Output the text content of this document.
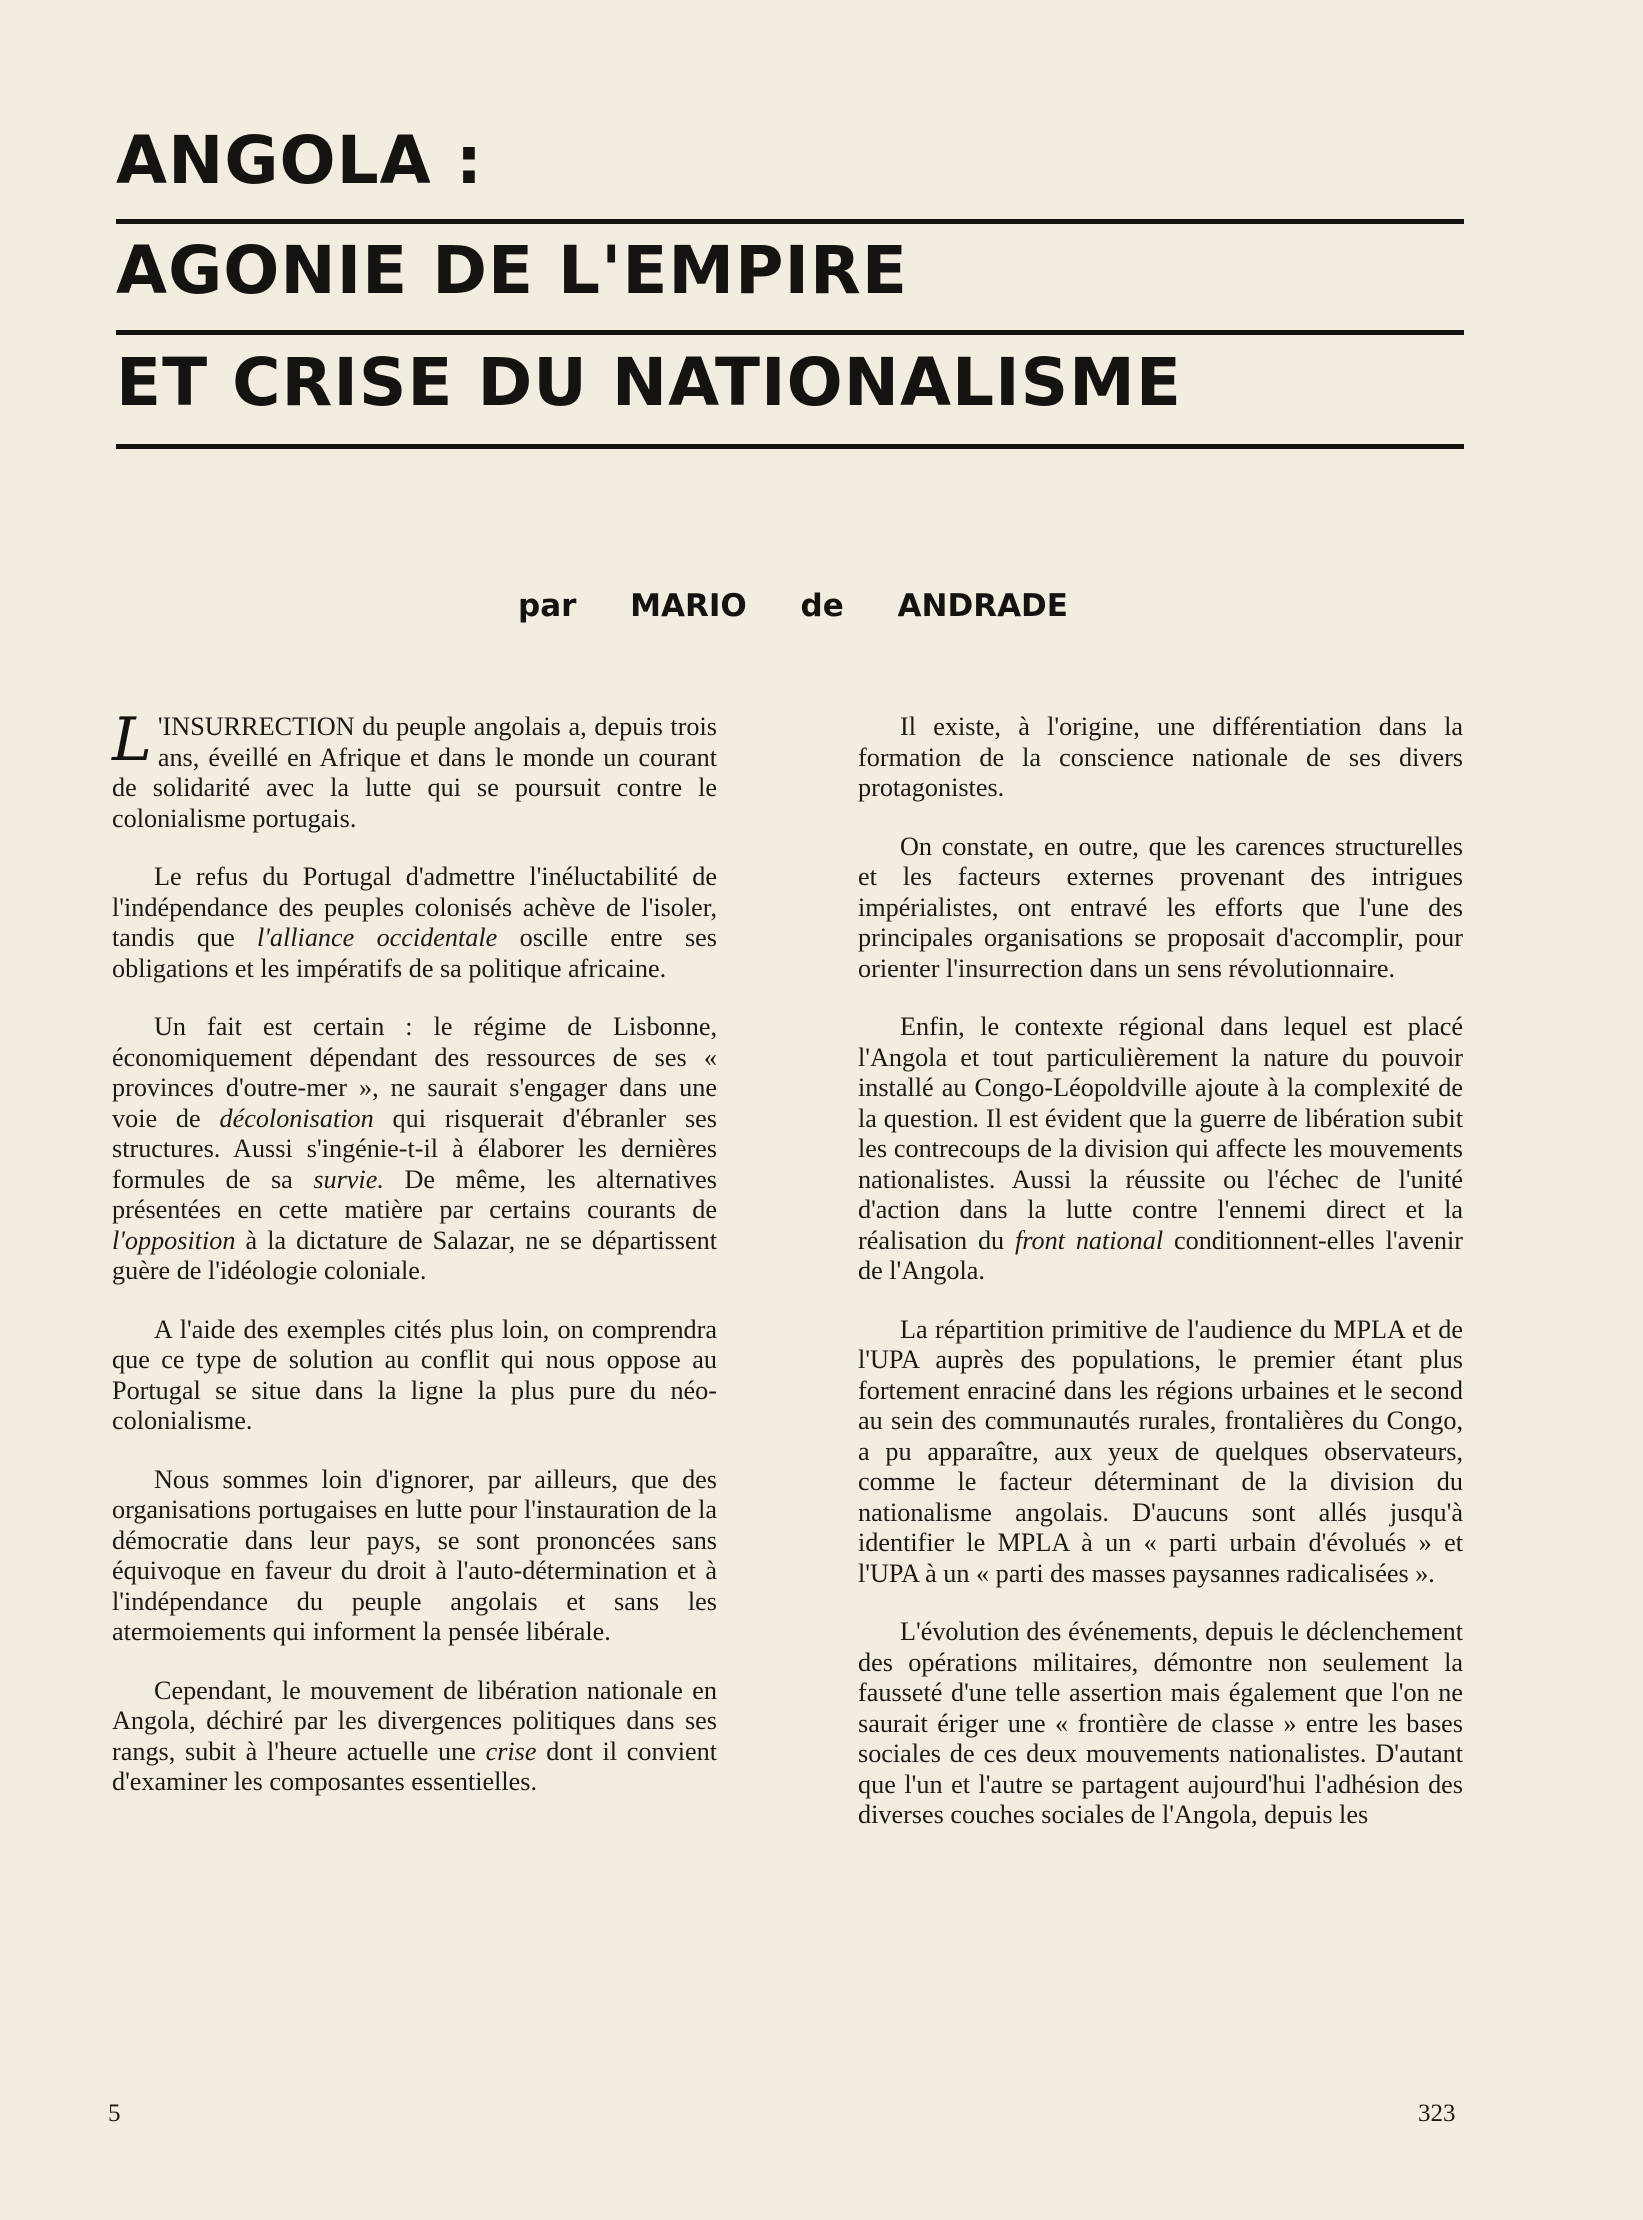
ANGOLA :
AGONIE DE L'EMPIRE
ET CRISE DU NATIONALISME
par MARIO de ANDRADE

L 'INSURRECTION du peuple angolais a, depuis trois ans, éveillé en Afrique et dans le monde un courant de solidarité avec la lutte qui se poursuit contre le colonialisme portugais.

Le refus du Portugal d'admettre l'inéluctabilité de l'indépendance des peuples colonisés achève de l'isoler, tandis que l'alliance occidentale oscille entre ses obligations et les impératifs de sa politique africaine.

Un fait est certain : le régime de Lisbonne, économiquement dépendant des ressources de ses « provinces d'outre-mer », ne saurait s'engager dans une voie de décolonisation qui risquerait d'ébranler ses structures. Aussi s'ingénie-t-il à élaborer les dernières formules de sa survie. De même, les alternatives présentées en cette matière par certains courants de l'opposition à la dictature de Salazar, ne se départissent guère de l'idéologie coloniale.

A l'aide des exemples cités plus loin, on comprendra que ce type de solution au conflit qui nous oppose au Portugal se situe dans la ligne la plus pure du néo-colonialisme.

Nous sommes loin d'ignorer, par ailleurs, que des organisations portugaises en lutte pour l'instauration de la démocratie dans leur pays, se sont prononcées sans équivoque en faveur du droit à l'auto-détermination et à l'indépendance du peuple angolais et sans les atermoiements qui informent la pensée libérale.

Cependant, le mouvement de libération nationale en Angola, déchiré par les divergences politiques dans ses rangs, subit à l'heure actuelle une crise dont il convient d'examiner les composantes essentielles.

Il existe, à l'origine, une différentiation dans la formation de la conscience nationale de ses divers protagonistes.

On constate, en outre, que les carences structurelles et les facteurs externes provenant des intrigues impérialistes, ont entravé les efforts que l'une des principales organisations se proposait d'accomplir, pour orienter l'insurrection dans un sens révolutionnaire.

Enfin, le contexte régional dans lequel est placé l'Angola et tout particulièrement la nature du pouvoir installé au Congo-Léopoldville ajoute à la complexité de la question. Il est évident que la guerre de libération subit les contrecoups de la division qui affecte les mouvements nationalistes. Aussi la réussite ou l'échec de l'unité d'action dans la lutte contre l'ennemi direct et la réalisation du front national conditionnent-elles l'avenir de l'Angola.

La répartition primitive de l'audience du MPLA et de l'UPA auprès des populations, le premier étant plus fortement enraciné dans les régions urbaines et le second au sein des communautés rurales, frontalières du Congo, a pu apparaître, aux yeux de quelques observateurs, comme le facteur déterminant de la division du nationalisme angolais. D'aucuns sont allés jusqu'à identifier le MPLA à un « parti urbain d'évolués » et l'UPA à un « parti des masses paysannes radicalisées ».

L'évolution des événements, depuis le déclenchement des opérations militaires, démontre non seulement la fausseté d'une telle assertion mais également que l'on ne saurait ériger une « frontière de classe » entre les bases sociales de ces deux mouvements nationalistes. D'autant que l'un et l'autre se partagent aujourd'hui l'adhésion des diverses couches sociales de l'Angola, depuis les

5	323
